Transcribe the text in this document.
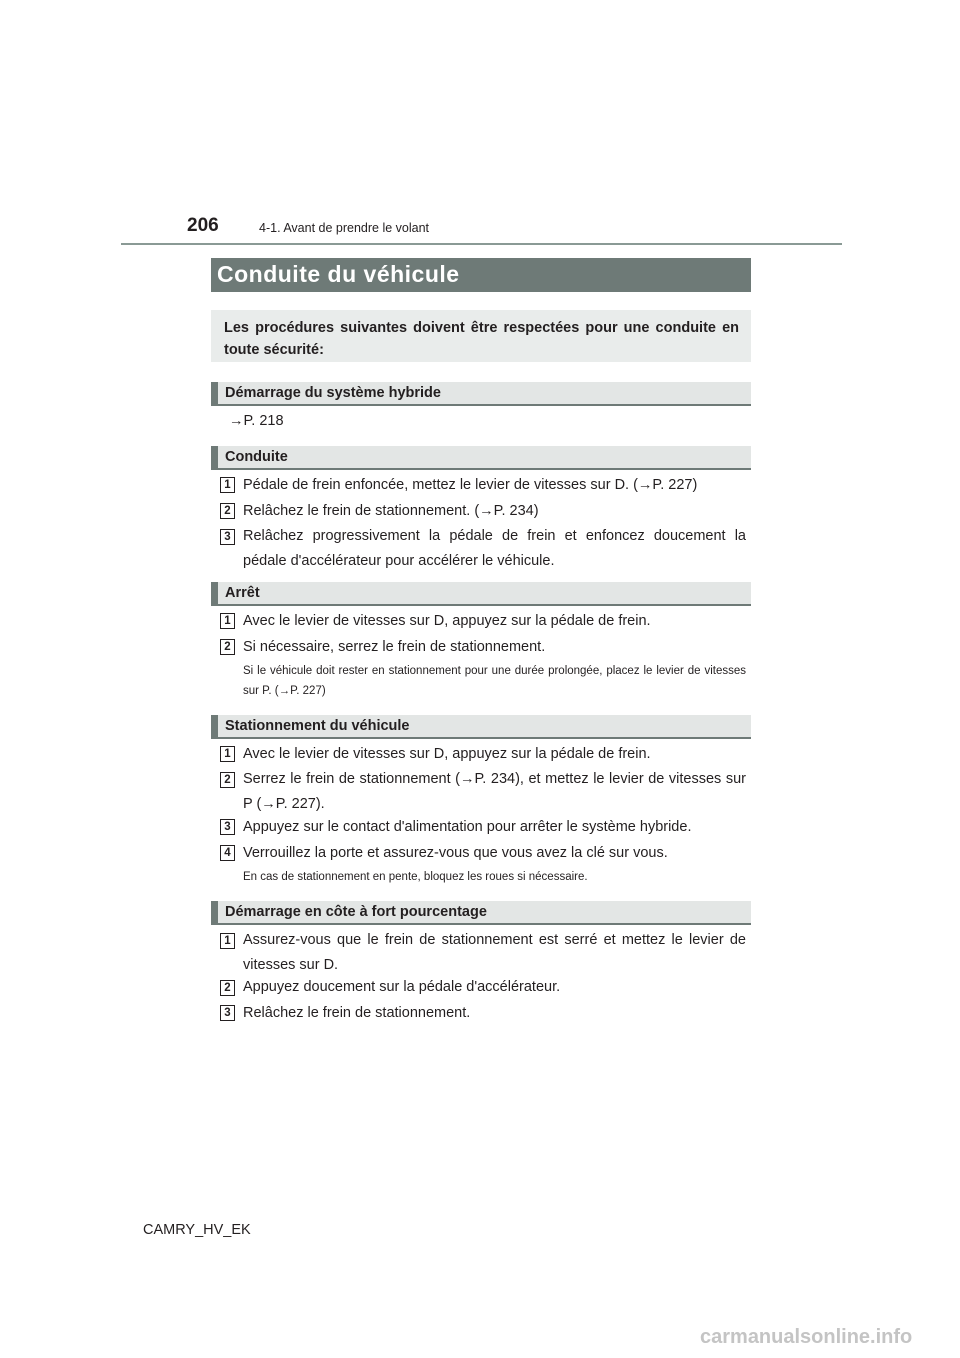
206	4-1. Avant de prendre le volant
Conduite du véhicule
Les procédures suivantes doivent être respectées pour une conduite en toute sécurité:
Démarrage du système hybride
→P. 218
Conduite
1 Pédale de frein enfoncée, mettez le levier de vitesses sur D. (→P. 227)
2 Relâchez le frein de stationnement. (→P. 234)
3 Relâchez progressivement la pédale de frein et enfoncez doucement la pédale d'accélérateur pour accélérer le véhicule.
Arrêt
1 Avec le levier de vitesses sur D, appuyez sur la pédale de frein.
2 Si nécessaire, serrez le frein de stationnement.
Si le véhicule doit rester en stationnement pour une durée prolongée, placez le levier de vitesses sur P. (→P. 227)
Stationnement du véhicule
1 Avec le levier de vitesses sur D, appuyez sur la pédale de frein.
2 Serrez le frein de stationnement (→P. 234), et mettez le levier de vitesses sur P (→P. 227).
3 Appuyez sur le contact d'alimentation pour arrêter le système hybride.
4 Verrouillez la porte et assurez-vous que vous avez la clé sur vous.
En cas de stationnement en pente, bloquez les roues si nécessaire.
Démarrage en côte à fort pourcentage
1 Assurez-vous que le frein de stationnement est serré et mettez le levier de vitesses sur D.
2 Appuyez doucement sur la pédale d'accélérateur.
3 Relâchez le frein de stationnement.
CAMRY_HV_EK
carmanualsonline.info
